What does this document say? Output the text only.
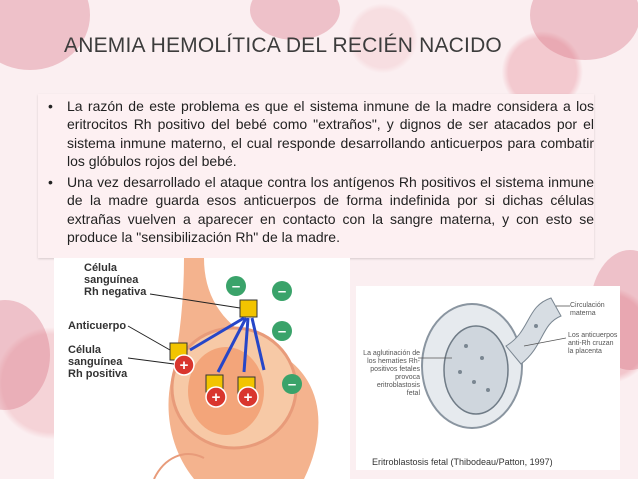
ANEMIA HEMOLÍTICA DEL RECIÉN NACIDO
• La razón de este problema es que el sistema inmune de la madre considera a los eritrocitos Rh positivo del bebé como "extraños", y dignos de ser atacados por el sistema inmune materno, el cual responde desarrollando anticuerpos para combatir los glóbulos rojos del bebé.
• Una vez desarrollado el ataque contra los antígenos Rh positivos el sistema inmune de la madre guarda esos anticuerpos de forma indefinida por si dichas células extrañas vuelven a aparecer en contacto con la sangre materna, y con esto se produce la "sensibilización Rh" de la madre.
–	–
–
–
+
+ +
Célula sanguínea Rh negativa
Anticuerpo
Célula sanguínea Rh positiva
Circulación materna
Los anticuerpos anti-Rh cruzan la placenta
La aglutinación de los hematíes Rh-positivos fetales provoca eritroblastosis fetal
Eritroblastosis fetal (Thibodeau/Patton, 1997)
